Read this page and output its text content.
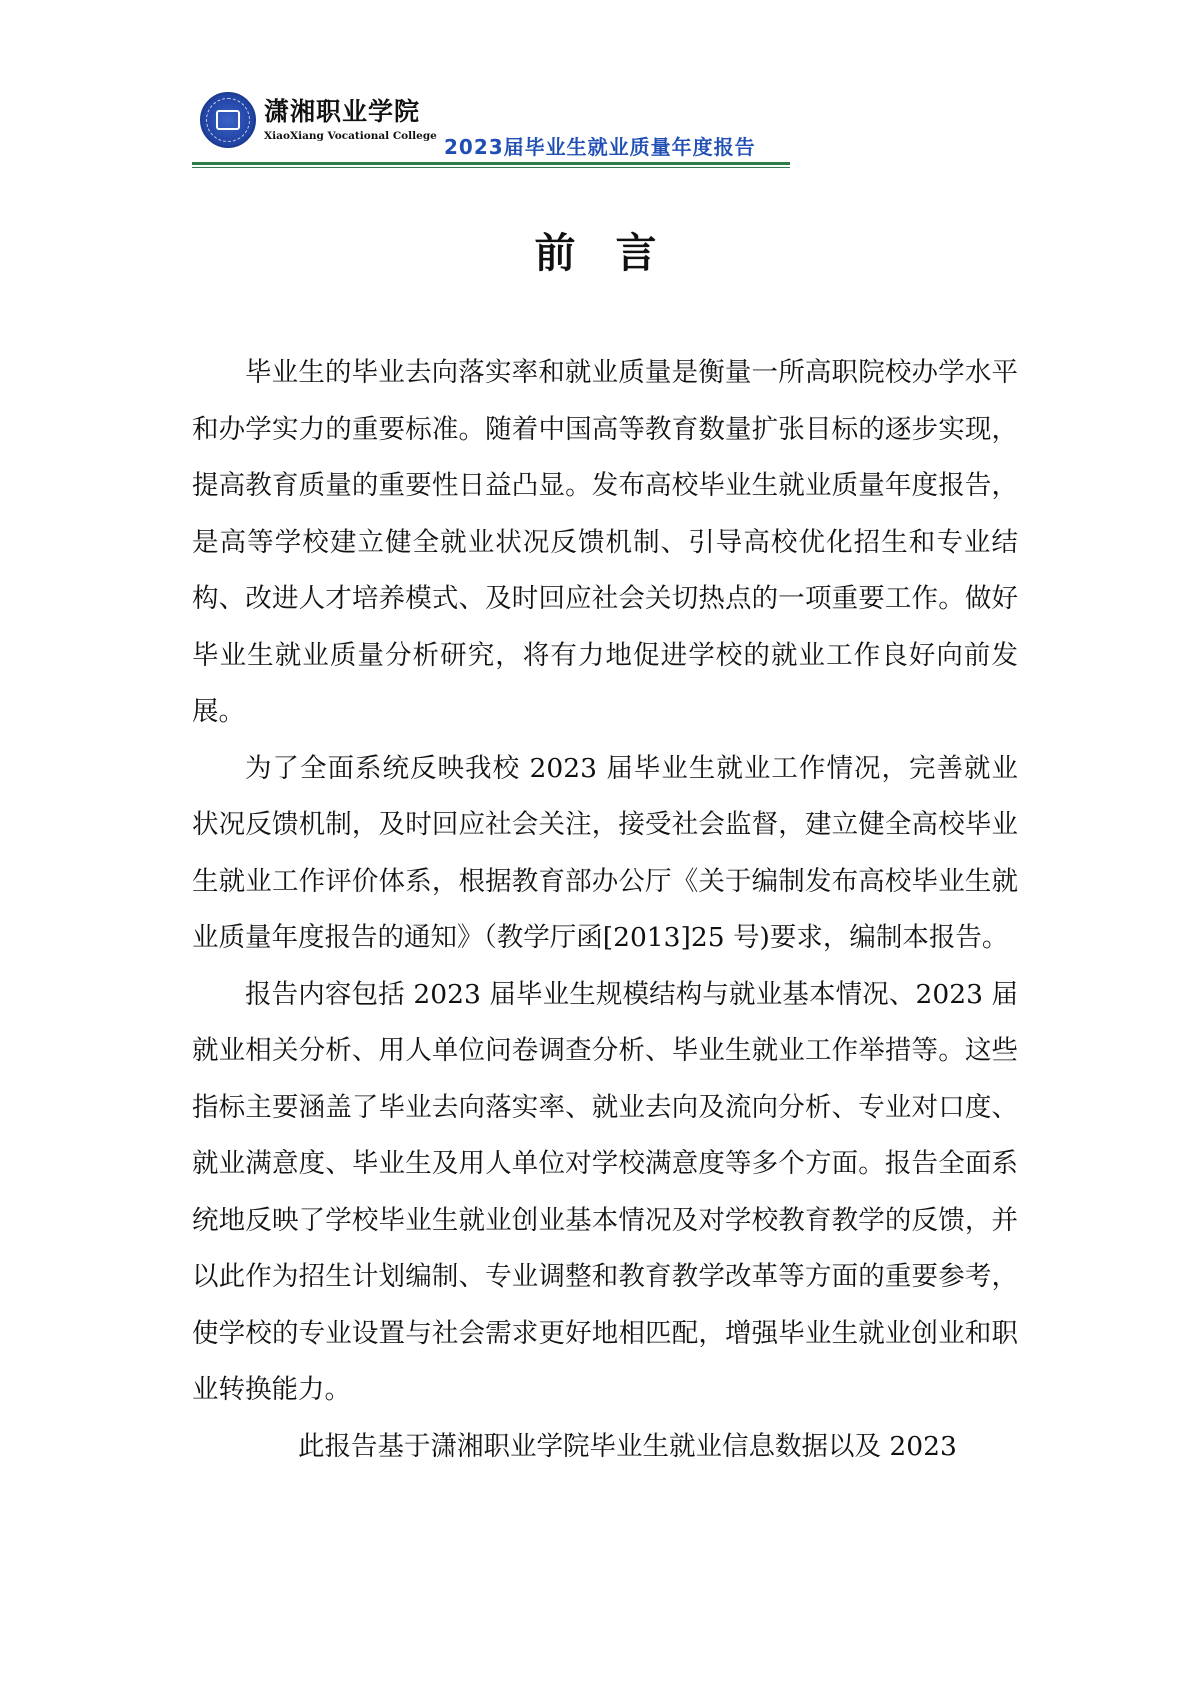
潇湘职业学院
XiaoXiang Vocational College 2023届毕业生就业质量年度报告
前言

毕业生的毕业去向落实率和就业质量是衡量一所高职院校办学水平和办学实力的重要标准。随着中国高等教育数量扩张目标的逐步实现，提高教育质量的重要性日益凸显。发布高校毕业生就业质量年度报告，是高等学校建立健全就业状况反馈机制、引导高校优化招生和专业结构、改进人才培养模式、及时回应社会关切热点的一项重要工作。做好毕业生就业质量分析研究，将有力地促进学校的就业工作良好向前发展。

为了全面系统反映我校 2023 届毕业生就业工作情况，完善就业状况反馈机制，及时回应社会关注，接受社会监督，建立健全高校毕业生就业工作评价体系，根据教育部办公厅《关于编制发布高校毕业生就业质量年度报告的通知》（教学厅函[2013]25 号)要求，编制本报告。

报告内容包括 2023 届毕业生规模结构与就业基本情况、2023 届就业相关分析、用人单位问卷调查分析、毕业生就业工作举措等。这些指标主要涵盖了毕业去向落实率、就业去向及流向分析、专业对口度、就业满意度、毕业生及用人单位对学校满意度等多个方面。报告全面系统地反映了学校毕业生就业创业基本情况及对学校教育教学的反馈，并以此作为招生计划编制、专业调整和教育教学改革等方面的重要参考，使学校的专业设置与社会需求更好地相匹配，增强毕业生就业创业和职业转换能力。

此报告基于潇湘职业学院毕业生就业信息数据以及 2023
